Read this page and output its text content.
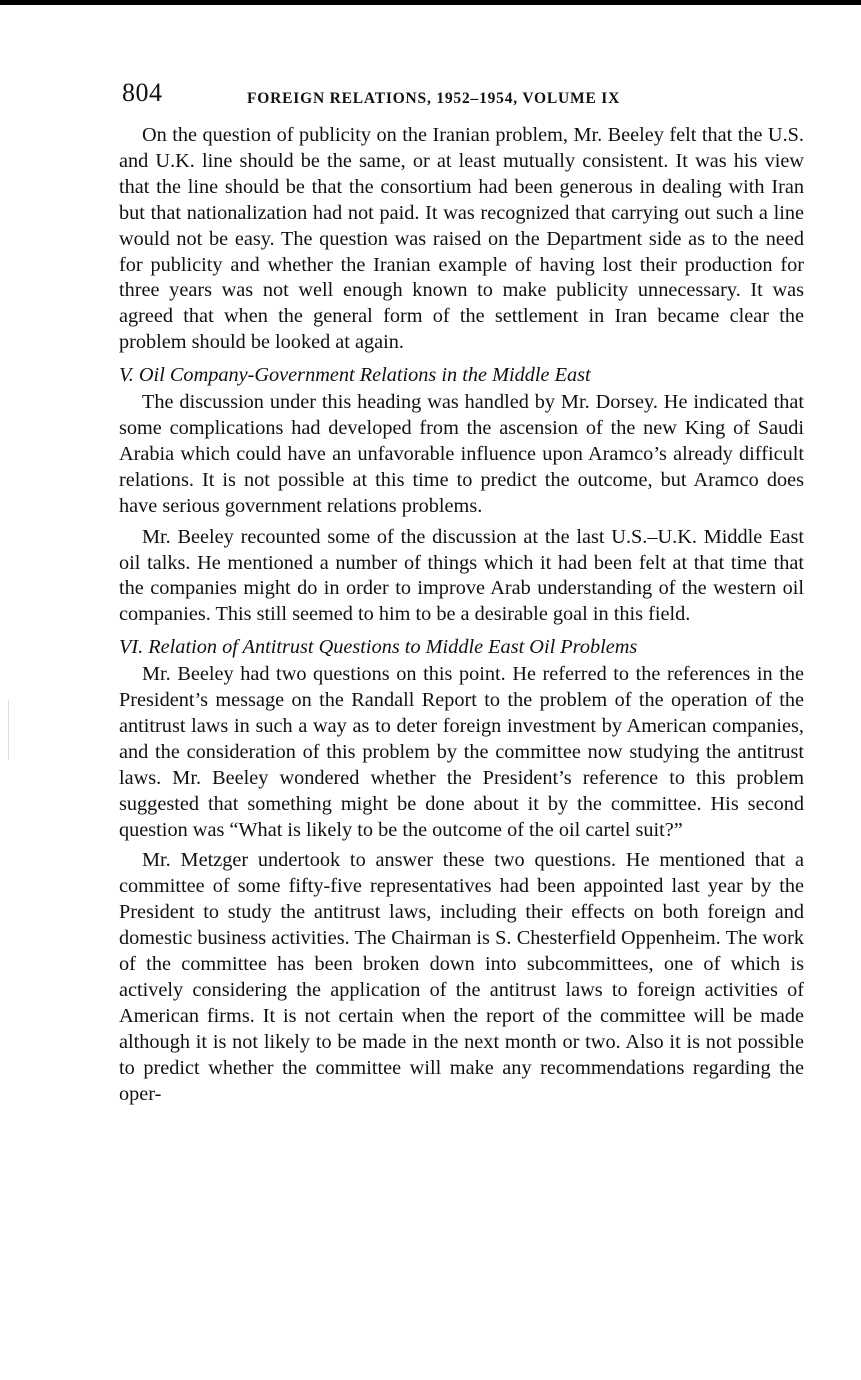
804	FOREIGN RELATIONS, 1952–1954, VOLUME IX

On the question of publicity on the Iranian problem, Mr. Beeley felt that the U.S. and U.K. line should be the same, or at least mutually consistent. It was his view that the line should be that the consortium had been generous in dealing with Iran but that nationalization had not paid. It was recognized that carrying out such a line would not be easy. The question was raised on the Department side as to the need for publicity and whether the Iranian example of having lost their production for three years was not well enough known to make publicity unnecessary. It was agreed that when the general form of the settlement in Iran became clear the problem should be looked at again.

V. Oil Company-Government Relations in the Middle East

The discussion under this heading was handled by Mr. Dorsey. He indicated that some complications had developed from the ascension of the new King of Saudi Arabia which could have an unfavorable influence upon Aramco’s already difficult relations. It is not possible at this time to predict the outcome, but Aramco does have serious government relations problems.

Mr. Beeley recounted some of the discussion at the last U.S.–U.K. Middle East oil talks. He mentioned a number of things which it had been felt at that time that the companies might do in order to improve Arab understanding of the western oil companies. This still seemed to him to be a desirable goal in this field.

VI. Relation of Antitrust Questions to Middle East Oil Problems

Mr. Beeley had two questions on this point. He referred to the references in the President’s message on the Randall Report to the problem of the operation of the antitrust laws in such a way as to deter foreign investment by American companies, and the consideration of this problem by the committee now studying the antitrust laws. Mr. Beeley wondered whether the President’s reference to this problem suggested that something might be done about it by the committee. His second question was “What is likely to be the outcome of the oil cartel suit?”

Mr. Metzger undertook to answer these two questions. He mentioned that a committee of some fifty-five representatives had been appointed last year by the President to study the antitrust laws, including their effects on both foreign and domestic business activities. The Chairman is S. Chesterfield Oppenheim. The work of the committee has been broken down into subcommittees, one of which is actively considering the application of the antitrust laws to foreign activities of American firms. It is not certain when the report of the committee will be made although it is not likely to be made in the next month or two. Also it is not possible to predict whether the committee will make any recommendations regarding the oper-
